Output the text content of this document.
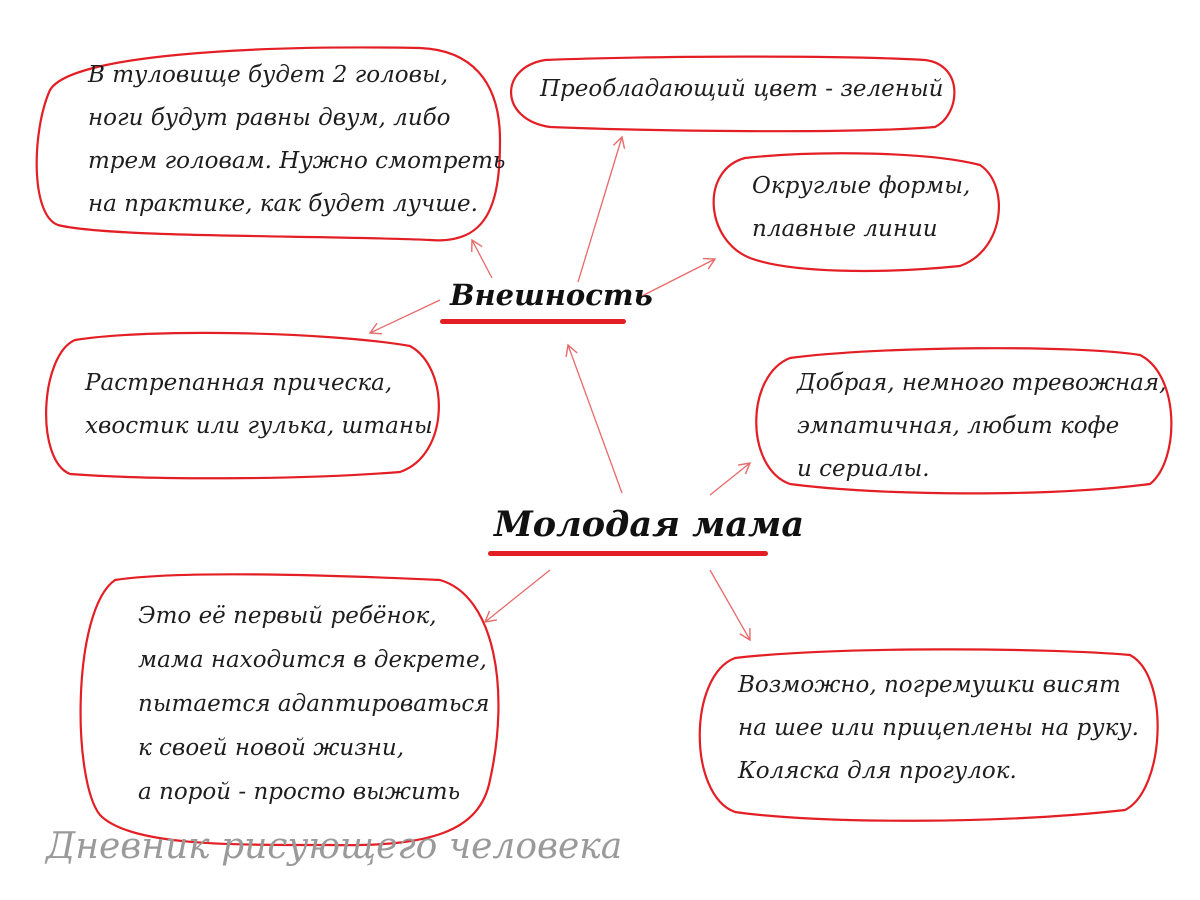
В туловище будет 2 головы,
ноги будут равны двум, либо
трем головам. Нужно смотреть
на практике, как будет лучше.
Преобладающий цвет - зеленый
Округлые формы,
плавные линии
Растрепанная прическа,
хвостик или гулька, штаны
Добрая, немного тревожная,
эмпатичная, любит кофе
и сериалы.
Это её первый ребёнок,
мама находится в декрете,
пытается адаптироваться
к своей новой жизни,
а порой - просто выжить
Возможно, погремушки висят
на шее или прицеплены на руку.
Коляска для прогулок.
Внешность
Молодая мама
Дневник рисующего человека
